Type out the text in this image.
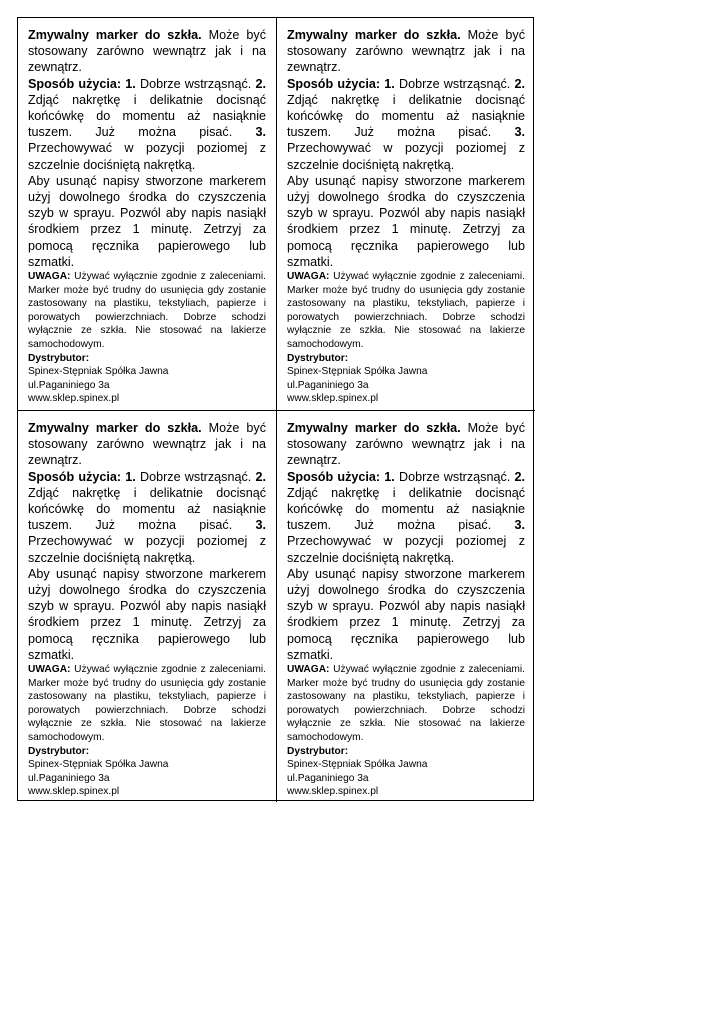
Zmywalny marker do szkła. Może być stosowany zarówno wewnątrz jak i na zewnątrz.

Sposób użycia: 1. Dobrze wstrząsnąć. 2. Zdjąć nakrętkę i delikatnie docisnąć końcówkę do momentu aż nasiąknie tuszem. Już można pisać. 3. Przechowywać w pozycji poziomej z szczelnie dociśniętą nakrętką.

Aby usunąć napisy stworzone markerem użyj dowolnego środka do czyszczenia szyb w sprayu. Pozwól aby napis nasiąkł środkiem przez 1 minutę. Zetrzyj za pomocą ręcznika papierowego lub szmatki.

UWAGA: Używać wyłącznie zgodnie z zaleceniami. Marker może być trudny do usunięcia gdy zostanie zastosowany na plastiku, tekstyliach, papierze i porowatych powierzchniach. Dobrze schodzi wyłącznie ze szkła. Nie stosować na lakierze samochodowym.

Dystrybutor:

Spinex-Stępniak Spółka Jawna

ul.Paganiniego 3a

www.sklep.spinex.pl

Zmywalny marker do szkła. Może być stosowany zarówno wewnątrz jak i na zewnątrz.

Sposób użycia: 1. Dobrze wstrząsnąć. 2. Zdjąć nakrętkę i delikatnie docisnąć końcówkę do momentu aż nasiąknie tuszem. Już można pisać. 3. Przechowywać w pozycji poziomej z szczelnie dociśniętą nakrętką.

Aby usunąć napisy stworzone markerem użyj dowolnego środka do czyszczenia szyb w sprayu. Pozwól aby napis nasiąkł środkiem przez 1 minutę. Zetrzyj za pomocą ręcznika papierowego lub szmatki.

UWAGA: Używać wyłącznie zgodnie z zaleceniami. Marker może być trudny do usunięcia gdy zostanie zastosowany na plastiku, tekstyliach, papierze i porowatych powierzchniach. Dobrze schodzi wyłącznie ze szkła. Nie stosować na lakierze samochodowym.

Dystrybutor:

Spinex-Stępniak Spółka Jawna

ul.Paganiniego 3a

www.sklep.spinex.pl

Zmywalny marker do szkła. Może być stosowany zarówno wewnątrz jak i na zewnątrz.

Sposób użycia: 1. Dobrze wstrząsnąć. 2. Zdjąć nakrętkę i delikatnie docisnąć końcówkę do momentu aż nasiąknie tuszem. Już można pisać. 3. Przechowywać w pozycji poziomej z szczelnie dociśniętą nakrętką.

Aby usunąć napisy stworzone markerem użyj dowolnego środka do czyszczenia szyb w sprayu. Pozwól aby napis nasiąkł środkiem przez 1 minutę. Zetrzyj za pomocą ręcznika papierowego lub szmatki.

UWAGA: Używać wyłącznie zgodnie z zaleceniami. Marker może być trudny do usunięcia gdy zostanie zastosowany na plastiku, tekstyliach, papierze i porowatych powierzchniach. Dobrze schodzi wyłącznie ze szkła. Nie stosować na lakierze samochodowym.

Dystrybutor:

Spinex-Stępniak Spółka Jawna

ul.Paganiniego 3a

www.sklep.spinex.pl

Zmywalny marker do szkła. Może być stosowany zarówno wewnątrz jak i na zewnątrz.

Sposób użycia: 1. Dobrze wstrząsnąć. 2. Zdjąć nakrętkę i delikatnie docisnąć końcówkę do momentu aż nasiąknie tuszem. Już można pisać. 3. Przechowywać w pozycji poziomej z szczelnie dociśniętą nakrętką.

Aby usunąć napisy stworzone markerem użyj dowolnego środka do czyszczenia szyb w sprayu. Pozwól aby napis nasiąkł środkiem przez 1 minutę. Zetrzyj za pomocą ręcznika papierowego lub szmatki.

UWAGA: Używać wyłącznie zgodnie z zaleceniami. Marker może być trudny do usunięcia gdy zostanie zastosowany na plastiku, tekstyliach, papierze i porowatych powierzchniach. Dobrze schodzi wyłącznie ze szkła. Nie stosować na lakierze samochodowym.

Dystrybutor:

Spinex-Stępniak Spółka Jawna

ul.Paganiniego 3a

www.sklep.spinex.pl
